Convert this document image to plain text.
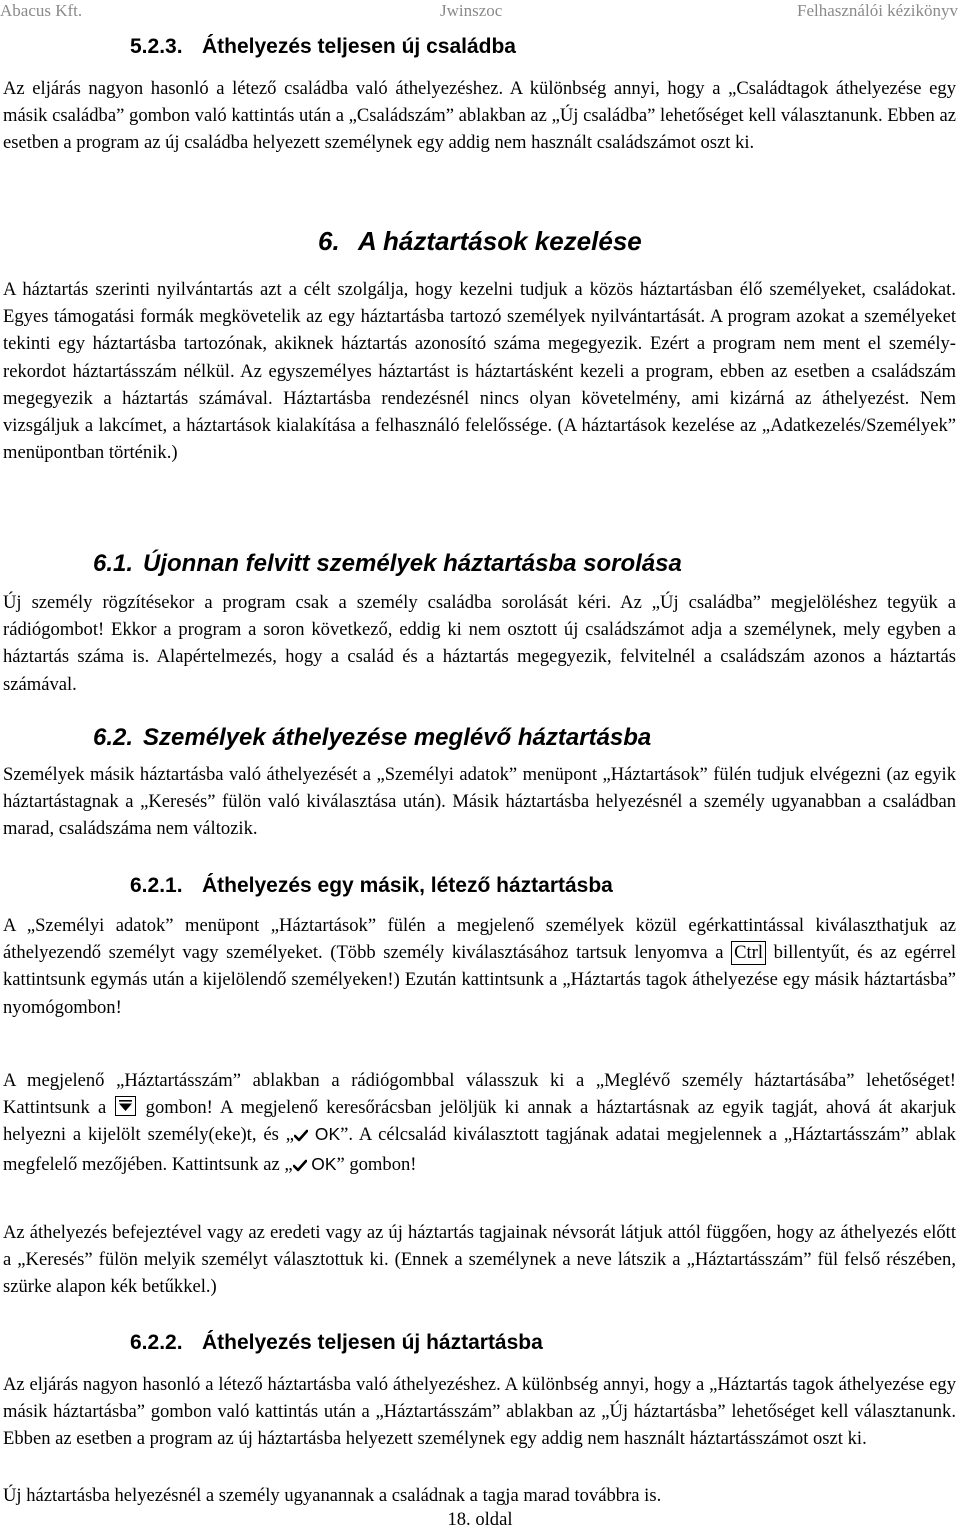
Abacus Kft.	Jwinszoc	Felhasználói kézikönyv
5.2.3. Áthelyezés teljesen új családba

Az eljárás nagyon hasonló a létező családba való áthelyezéshez. A különbség annyi, hogy a „Családtagok áthelyezése egy másik családba” gombon való kattintás után a „Családszám” ablakban az „Új családba” lehetőséget kell választanunk. Ebben az esetben a program az új családba helyezett személynek egy addig nem használt családszámot oszt ki.

6. A háztartások kezelése

A háztartás szerinti nyilvántartás azt a célt szolgálja, hogy kezelni tudjuk a közös háztartásban élő személyeket, családokat. Egyes támogatási formák megkövetelik az egy háztartásba tartozó személyek nyilvántartását. A program azokat a személyeket tekinti egy háztartásba tartozónak, akiknek háztartás azonosító száma megegyezik. Ezért a program nem ment el személy-rekordot háztartásszám nélkül. Az egyszemélyes háztartást is háztartásként kezeli a program, ebben az esetben a családszám megegyezik a háztartás számával. Háztartásba rendezésnél nincs olyan követelmény, ami kizárná az áthelyezést. Nem vizsgáljuk a lakcímet, a háztartások kialakítása a felhasználó felelőssége. (A háztartások kezelése az „Adatkezelés/Személyek” menüpontban történik.)

6.1. Újonnan felvitt személyek háztartásba sorolása

Új személy rögzítésekor a program csak a személy családba sorolását kéri. Az „Új családba” megjelöléshez tegyük a rádiógombot! Ekkor a program a soron következő, eddig ki nem osztott új családszámot adja a személynek, mely egyben a háztartás száma is. Alapértelmezés, hogy a család és a háztartás megegyezik, felvitelnél a családszám azonos a háztartás számával.

6.2. Személyek áthelyezése meglévő háztartásba

Személyek másik háztartásba való áthelyezését a „Személyi adatok” menüpont „Háztartások” fülén tudjuk elvégezni (az egyik háztartástagnak a „Keresés” fülön való kiválasztása után). Másik háztartásba helyezésnél a személy ugyanabban a családban marad, családszáma nem változik.

6.2.1. Áthelyezés egy másik, létező háztartásba

A „Személyi adatok” menüpont „Háztartások” fülén a megjelenő személyek közül egérkattintással kiválaszthatjuk az áthelyezendő személyt vagy személyeket. (Több személy kiválasztásához tartsuk lenyomva a Ctrl billentyűt, és az egérrel kattintsunk egymás után a kijelölendő személyeken!) Ezután kattintsunk a „Háztartás tagok áthelyezése egy másik háztartásba” nyomógombon!

A megjelenő „Háztartásszám” ablakban a rádiógombbal válasszuk ki a „Meglévő személy háztartásába” lehetőséget! Kattintsunk a gombon! A megjelenő keresőrácsban jelöljük ki annak a háztartásnak az egyik tagját, ahová át akarjuk helyezni a kijelölt személy(eke)t, és „ OK”. A célcsalád kiválasztott tagjának adatai megjelennek a „Háztartásszám” ablak megfelelő mezőjében. Kattintsunk az „ OK” gombon!

Az áthelyezés befejeztével vagy az eredeti vagy az új háztartás tagjainak névsorát látjuk attól függően, hogy az áthelyezés előtt a „Keresés” fülön melyik személyt választottuk ki. (Ennek a személynek a neve látszik a „Háztartásszám” fül felső részében, szürke alapon kék betűkkel.)

6.2.2. Áthelyezés teljesen új háztartásba

Az eljárás nagyon hasonló a létező háztartásba való áthelyezéshez. A különbség annyi, hogy a „Háztartás tagok áthelyezése egy másik háztartásba” gombon való kattintás után a „Háztartásszám” ablakban az „Új háztartásba” lehetőséget kell választanunk. Ebben az esetben a program az új háztartásba helyezett személynek egy addig nem használt háztartásszámot oszt ki.

Új háztartásba helyezésnél a személy ugyanannak a családnak a tagja marad továbbra is.

18. oldal
